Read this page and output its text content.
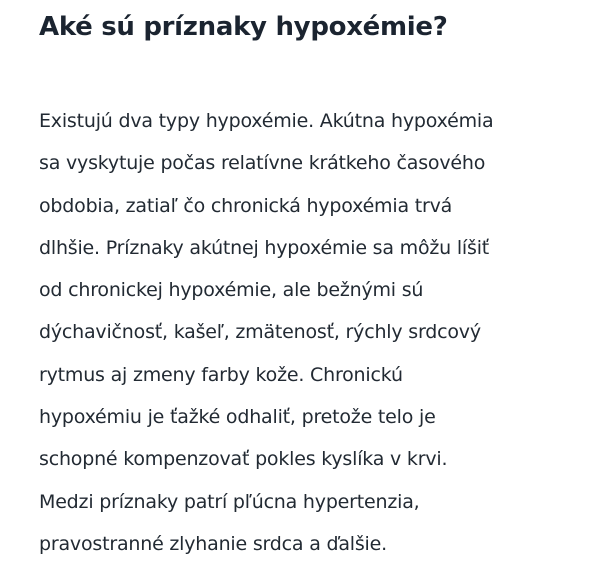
Aké sú príznaky hypoxémie?

Existujú dva typy hypoxémie. Akútna hypoxémia
sa vyskytuje počas relatívne krátkeho časového
obdobia, zatiaľ čo chronická hypoxémia trvá
dlhšie. Príznaky akútnej hypoxémie sa môžu líšiť
od chronickej hypoxémie, ale bežnými sú
dýchavičnosť, kašeľ, zmätenosť, rýchly srdcový
rytmus aj zmeny farby kože. Chronickú
hypoxémiu je ťažké odhaliť, pretože telo je
schopné kompenzovať pokles kyslíka v krvi.
Medzi príznaky patrí pľúcna hypertenzia,
pravostranné zlyhanie srdca a ďalšie.
